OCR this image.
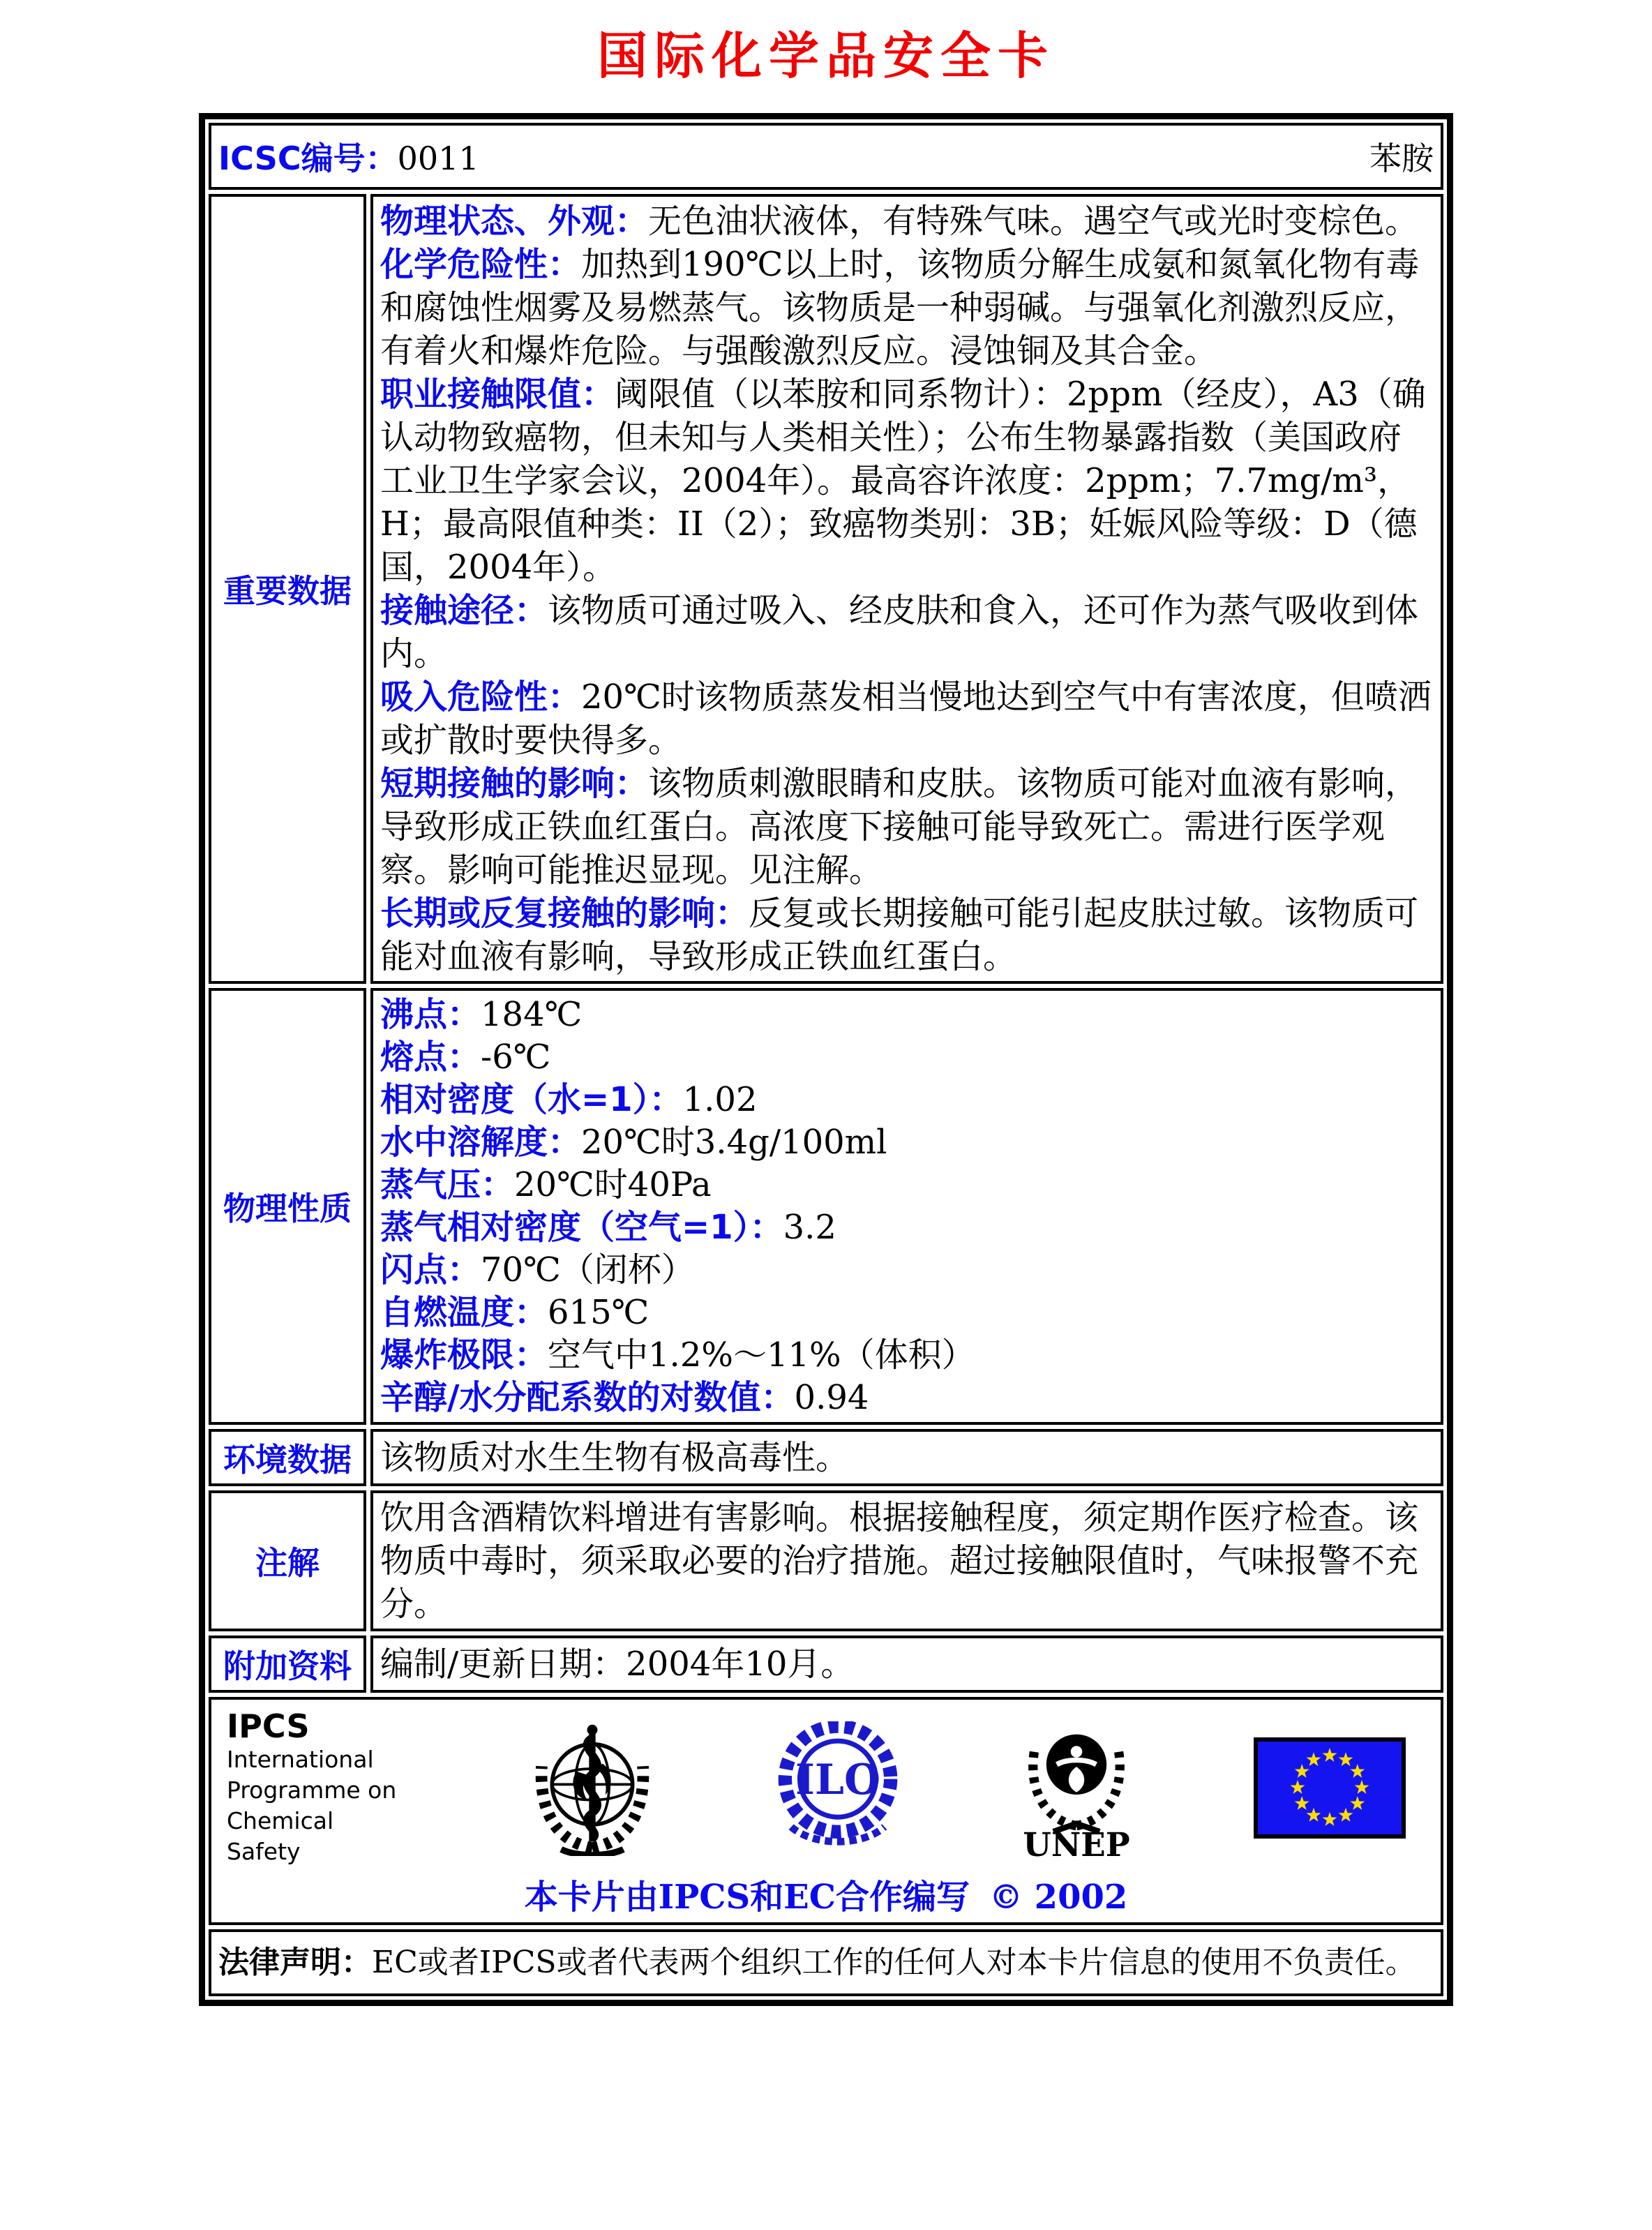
国际化学品安全卡
ICSC编号：0011	苯胺
重要数据
物理状态、外观：无色油状液体，有特殊气味。遇空气或光时变棕色。
化学危险性：加热到190℃以上时，该物质分解生成氨和氮氧化物有毒和腐蚀性烟雾及易燃蒸气。该物质是一种弱碱。与强氧化剂激烈反应，有着火和爆炸危险。与强酸激烈反应。浸蚀铜及其合金。
职业接触限值：阈限值（以苯胺和同系物计）：2ppm（经皮），A3（确认动物致癌物，但未知与人类相关性）；公布生物暴露指数（美国政府工业卫生学家会议，2004年）。最高容许浓度：2ppm；7.7mg/m³，H；最高限值种类：II（2）；致癌物类别：3B；妊娠风险等级：D（德国，2004年）。
接触途径：该物质可通过吸入、经皮肤和食入，还可作为蒸气吸收到体内。
吸入危险性：20℃时该物质蒸发相当慢地达到空气中有害浓度，但喷洒或扩散时要快得多。
短期接触的影响：该物质刺激眼睛和皮肤。该物质可能对血液有影响，导致形成正铁血红蛋白。高浓度下接触可能导致死亡。需进行医学观察。影响可能推迟显现。见注解。
长期或反复接触的影响：反复或长期接触可能引起皮肤过敏。该物质可能对血液有影响，导致形成正铁血红蛋白。
物理性质
沸点：184℃
熔点：-6℃
相对密度（水=1）：1.02
水中溶解度：20℃时3.4g/100ml
蒸气压：20℃时40Pa
蒸气相对密度（空气=1）：3.2
闪点：70℃（闭杯）
自燃温度：615℃
爆炸极限：空气中1.2%～11%（体积）
辛醇/水分配系数的对数值：0.94
环境数据 该物质对水生生物有极高毒性。
注解
饮用含酒精饮料增进有害影响。根据接触程度，须定期作医疗检查。该物质中毒时，须采取必要的治疗措施。超过接触限值时，气味报警不充分。
附加资料 编制/更新日期：2004年10月。
IPCS
International
Programme on
Chemical Safety
ILO
UNEP
本卡片由IPCS和EC合作编写 © 2002
法律声明：EC或者IPCS或者代表两个组织工作的任何人对本卡片信息的使用不负责任。
